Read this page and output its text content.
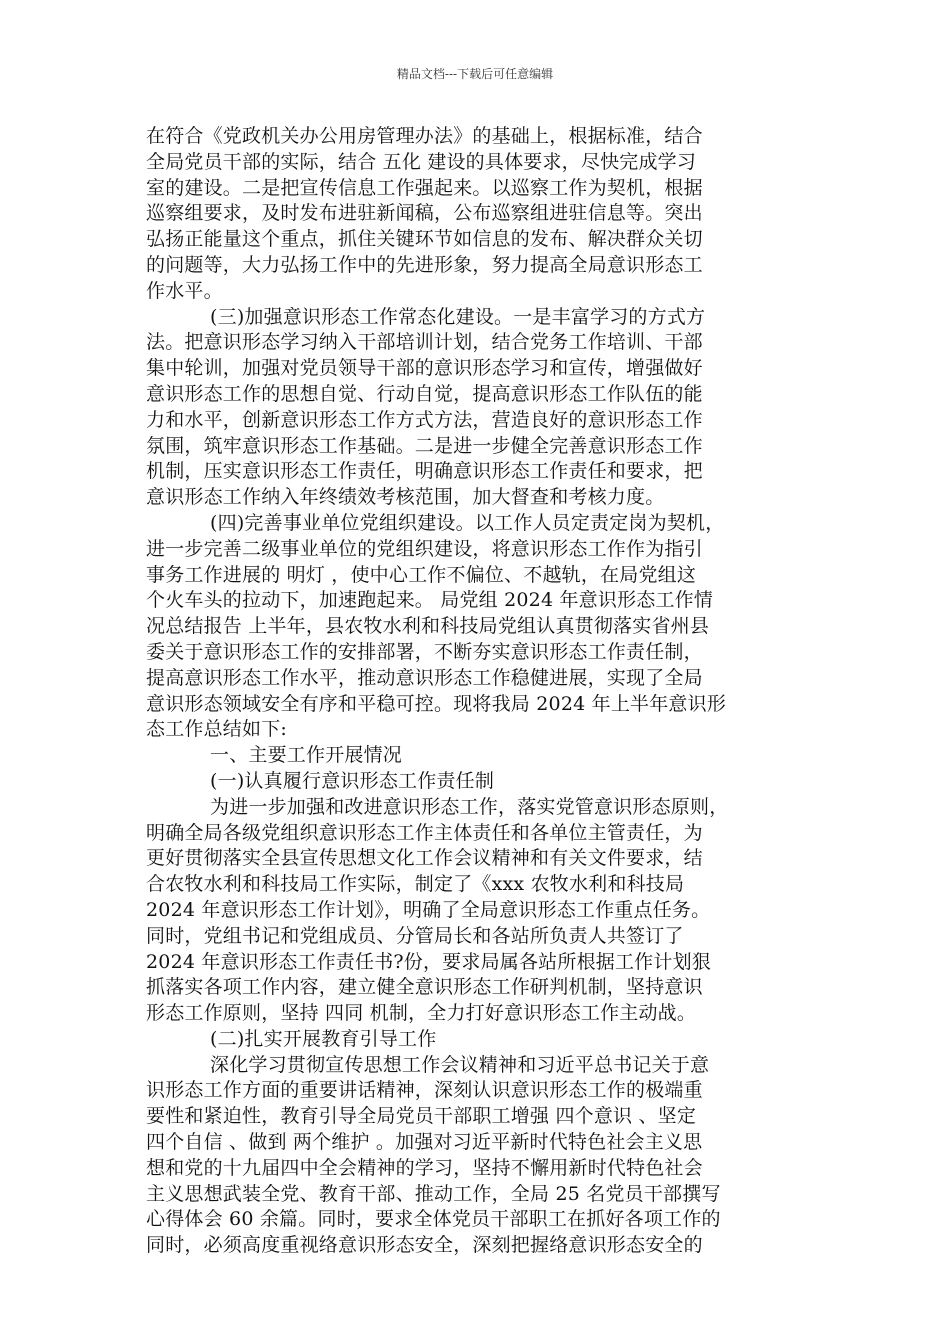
精品文档---下载后可任意编辑
在符合《党政机关办公用房管理办法》的基础上，根据标准，结合
全局党员干部的实际，结合 五化 建设的具体要求，尽快完成学习
室的建设。二是把宣传信息工作强起来。以巡察工作为契机，根据
巡察组要求，及时发布进驻新闻稿，公布巡察组进驻信息等。突出
弘扬正能量这个重点，抓住关键环节如信息的发布、解决群众关切
的问题等，大力弘扬工作中的先进形象，努力提高全局意识形态工
作水平。
(三)加强意识形态工作常态化建设。一是丰富学习的方式方
法。把意识形态学习纳入干部培训计划，结合党务工作培训、干部
集中轮训，加强对党员领导干部的意识形态学习和宣传，增强做好
意识形态工作的思想自觉、行动自觉，提高意识形态工作队伍的能
力和水平，创新意识形态工作方式方法，营造良好的意识形态工作
氛围，筑牢意识形态工作基础。二是进一步健全完善意识形态工作
机制，压实意识形态工作责任，明确意识形态工作责任和要求，把
意识形态工作纳入年终绩效考核范围，加大督查和考核力度。
(四)完善事业单位党组织建设。以工作人员定责定岗为契机，
进一步完善二级事业单位的党组织建设，将意识形态工作作为指引
事务工作进展的 明灯 ，使中心工作不偏位、不越轨，在局党组这
个火车头的拉动下，加速跑起来。 局党组 2024 年意识形态工作情
况总结报告 上半年，县农牧水利和科技局党组认真贯彻落实省州县
委关于意识形态工作的安排部署，不断夯实意识形态工作责任制，
提高意识形态工作水平，推动意识形态工作稳健进展，实现了全局
意识形态领域安全有序和平稳可控。现将我局 2024 年上半年意识形
态工作总结如下:
一、主要工作开展情况
(一)认真履行意识形态工作责任制
为进一步加强和改进意识形态工作，落实党管意识形态原则，
明确全局各级党组织意识形态工作主体责任和各单位主管责任，为
更好贯彻落实全县宣传思想文化工作会议精神和有关文件要求，结
合农牧水利和科技局工作实际，制定了《xxx 农牧水利和科技局
2024 年意识形态工作计划》，明确了全局意识形态工作重点任务。
同时，党组书记和党组成员、分管局长和各站所负责人共签订了
2024 年意识形态工作责任书?份，要求局属各站所根据工作计划狠
抓落实各项工作内容，建立健全意识形态工作研判机制，坚持意识
形态工作原则，坚持 四同 机制，全力打好意识形态工作主动战。
(二)扎实开展教育引导工作
深化学习贯彻宣传思想工作会议精神和习近平总书记关于意
识形态工作方面的重要讲话精神，深刻认识意识形态工作的极端重
要性和紧迫性，教育引导全局党员干部职工增强 四个意识 、坚定
四个自信 、做到 两个维护 。加强对习近平新时代特色社会主义思
想和党的十九届四中全会精神的学习，坚持不懈用新时代特色社会
主义思想武装全党、教育干部、推动工作，全局 25 名党员干部撰写
心得体会 60 余篇。同时，要求全体党员干部职工在抓好各项工作的
同时，必须高度重视络意识形态安全，深刻把握络意识形态安全的
